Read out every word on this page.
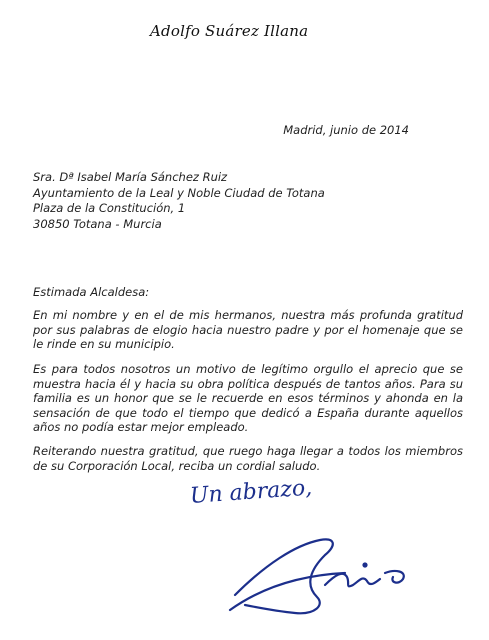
Adolfo Suárez Illana
Madrid, junio de 2014
Sra. Dª Isabel María Sánchez Ruiz
Ayuntamiento de la Leal y Noble Ciudad de Totana
Plaza de la Constitución, 1
30850 Totana - Murcia
Estimada Alcaldesa:

En mi nombre y en el de mis hermanos, nuestra más profunda gratitud por sus palabras de elogio hacia nuestro padre y por el homenaje que se le rinde en su municipio.

Es para todos nosotros un motivo de legítimo orgullo el aprecio que se muestra hacia él y hacia su obra política después de tantos años. Para su familia es un honor que se le recuerde en esos términos y ahonda en la sensación de que todo el tiempo que dedicó a España durante aquellos años no podía estar mejor empleado.

Reiterando nuestra gratitud, que ruego haga llegar a todos los miembros de su Corporación Local, reciba un cordial saludo.

Un abrazo,
